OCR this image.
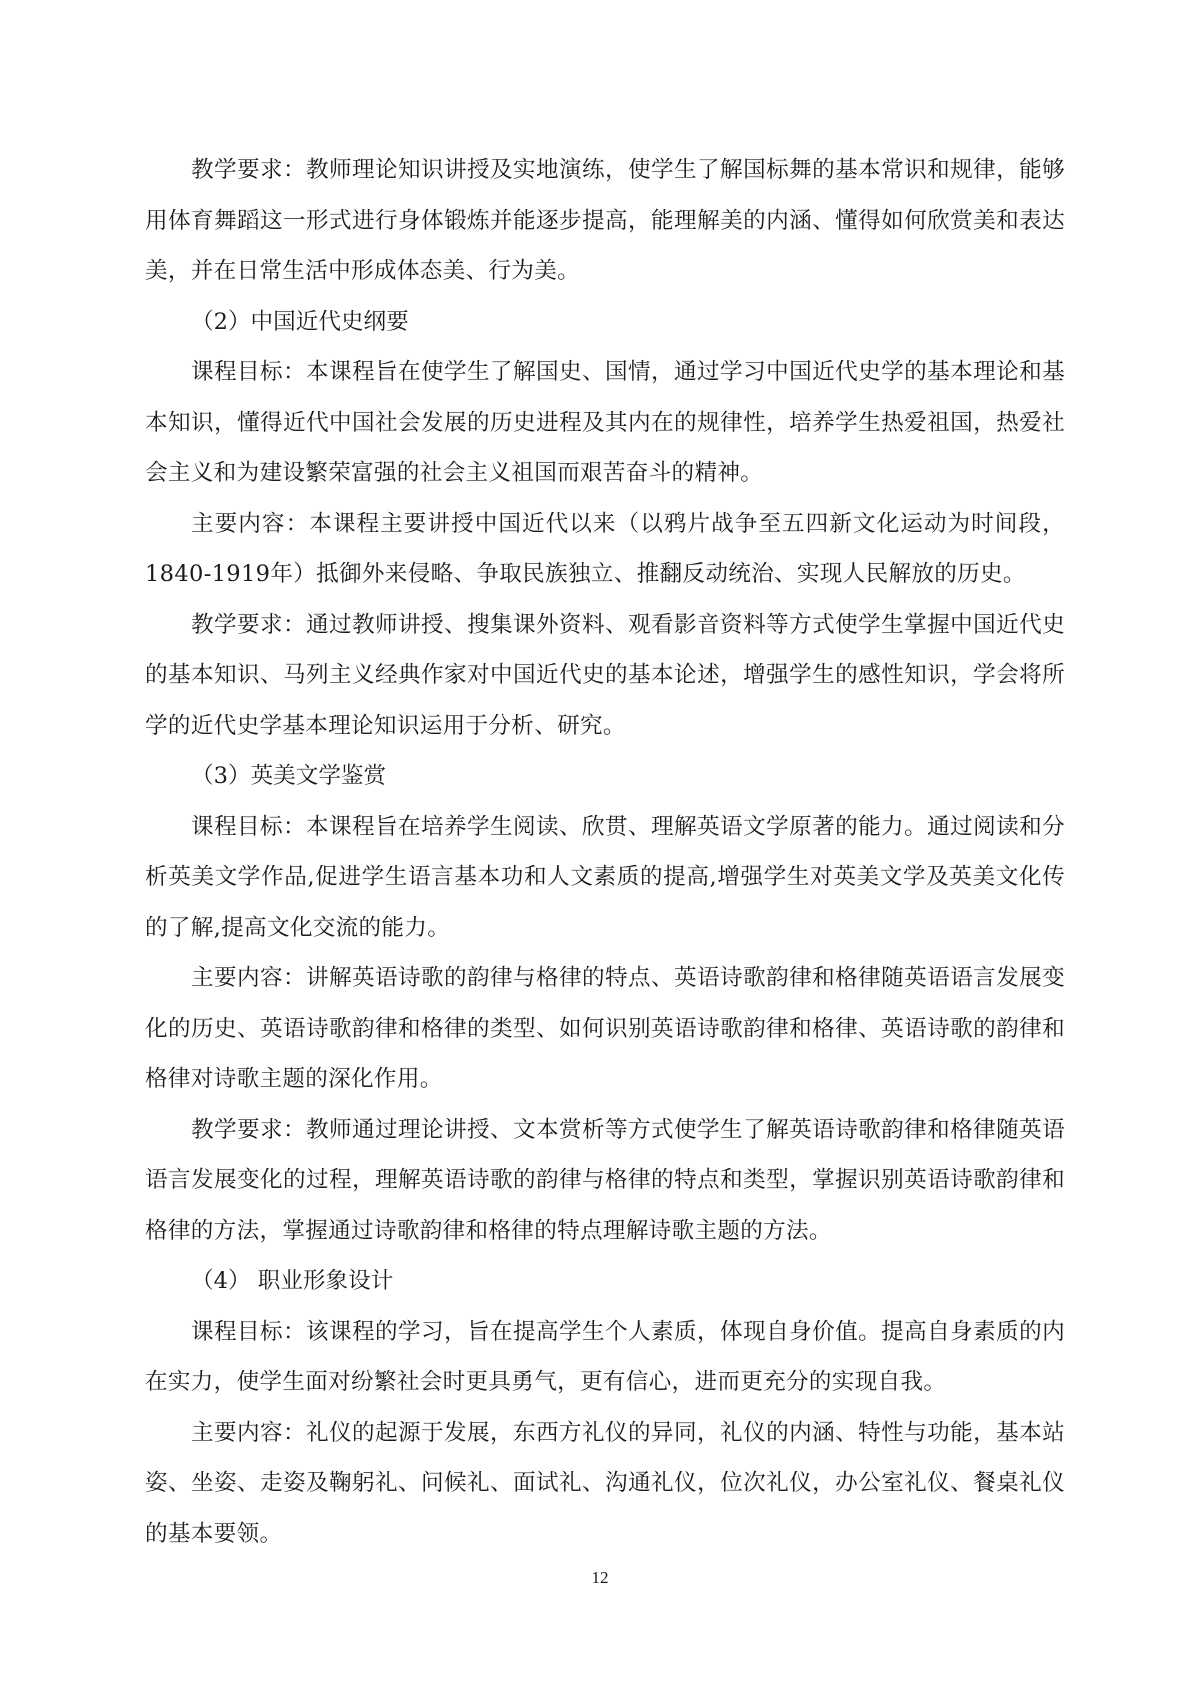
教学要求：教师理论知识讲授及实地演练，使学生了解国标舞的基本常识和规律，能够用体育舞蹈这一形式进行身体锻炼并能逐步提高，能理解美的内涵、懂得如何欣赏美和表达美，并在日常生活中形成体态美、行为美。

（2）中国近代史纲要

课程目标：本课程旨在使学生了解国史、国情，通过学习中国近代史学的基本理论和基本知识，懂得近代中国社会发展的历史进程及其内在的规律性，培养学生热爱祖国，热爱社会主义和为建设繁荣富强的社会主义祖国而艰苦奋斗的精神。

主要内容：本课程主要讲授中国近代以来（以鸦片战争至五四新文化运动为时间段，1840-1919年）抵御外来侵略、争取民族独立、推翻反动统治、实现人民解放的历史。

教学要求：通过教师讲授、搜集课外资料、观看影音资料等方式使学生掌握中国近代史的基本知识、马列主义经典作家对中国近代史的基本论述，增强学生的感性知识，学会将所学的近代史学基本理论知识运用于分析、研究。

（3）英美文学鉴赏

课程目标：本课程旨在培养学生阅读、欣贯、理解英语文学原著的能力。通过阅读和分析英美文学作品,促进学生语言基本功和人文素质的提高,增强学生对英美文学及英美文化传的了解,提高文化交流的能力。

主要内容：讲解英语诗歌的韵律与格律的特点、英语诗歌韵律和格律随英语语言发展变化的历史、英语诗歌韵律和格律的类型、如何识别英语诗歌韵律和格律、英语诗歌的韵律和格律对诗歌主题的深化作用。

教学要求：教师通过理论讲授、文本赏析等方式使学生了解英语诗歌韵律和格律随英语语言发展变化的过程，理解英语诗歌的韵律与格律的特点和类型，掌握识别英语诗歌韵律和格律的方法，掌握通过诗歌韵律和格律的特点理解诗歌主题的方法。

（4） 职业形象设计

课程目标：该课程的学习，旨在提高学生个人素质，体现自身价值。提高自身素质的内在实力，使学生面对纷繁社会时更具勇气，更有信心，进而更充分的实现自我。

主要内容：礼仪的起源于发展，东西方礼仪的异同，礼仪的内涵、特性与功能，基本站姿、坐姿、走姿及鞠躬礼、问候礼、面试礼、沟通礼仪，位次礼仪，办公室礼仪、餐桌礼仪的基本要领。

12
